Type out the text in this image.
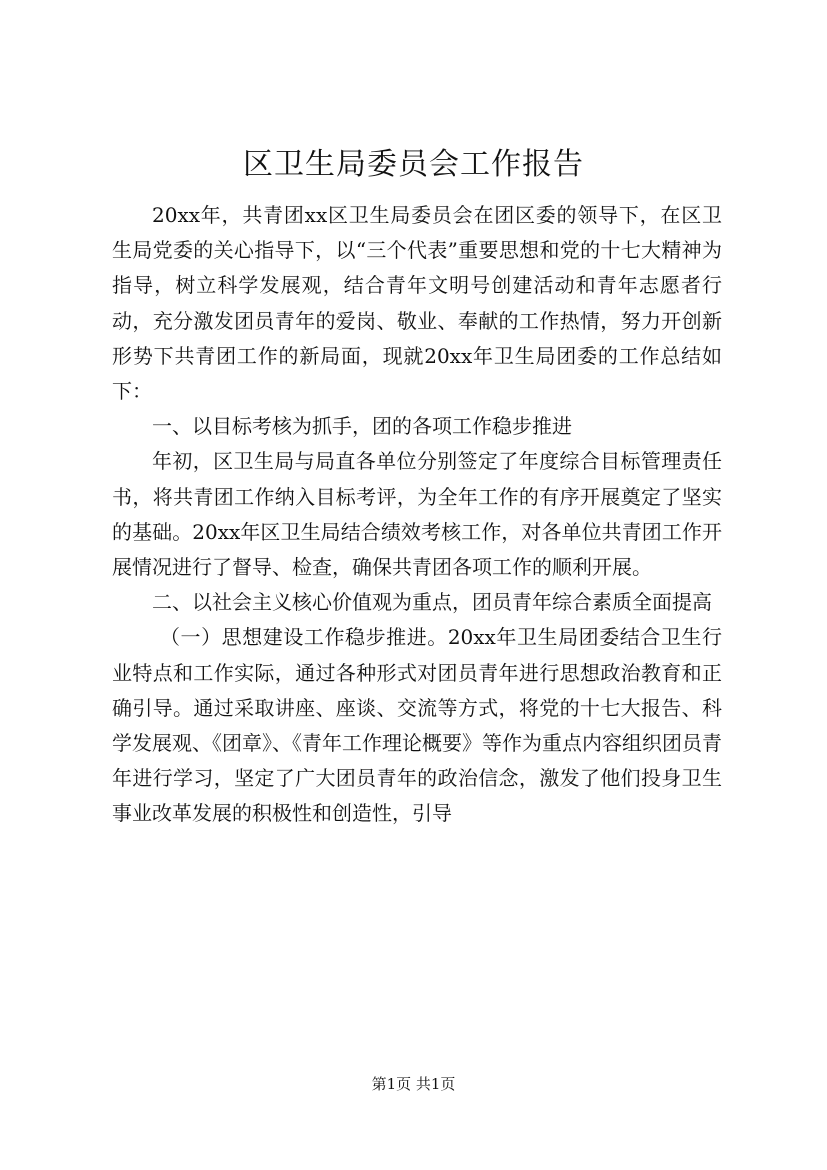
区卫生局委员会工作报告

20xx年，共青团xx区卫生局委员会在团区委的领导下，在区卫生局党委的关心指导下，以“三个代表”重要思想和党的十七大精神为指导，树立科学发展观，结合青年文明号创建活动和青年志愿者行动，充分激发团员青年的爱岗、敬业、奉献的工作热情，努力开创新形势下共青团工作的新局面，现就20xx年卫生局团委的工作总结如下：

一、以目标考核为抓手，团的各项工作稳步推进

年初，区卫生局与局直各单位分别签定了年度综合目标管理责任书，将共青团工作纳入目标考评，为全年工作的有序开展奠定了坚实的基础。20xx年区卫生局结合绩效考核工作，对各单位共青团工作开展情况进行了督导、检查，确保共青团各项工作的顺利开展。

二、以社会主义核心价值观为重点，团员青年综合素质全面提高

（一）思想建设工作稳步推进。20xx年卫生局团委结合卫生行业特点和工作实际，通过各种形式对团员青年进行思想政治教育和正确引导。通过采取讲座、座谈、交流等方式，将党的十七大报告、科学发展观、《团章》、《青年工作理论概要》等作为重点内容组织团员青年进行学习，坚定了广大团员青年的政治信念，激发了他们投身卫生事业改革发展的积极性和创造性，引导

第1页 共1页
